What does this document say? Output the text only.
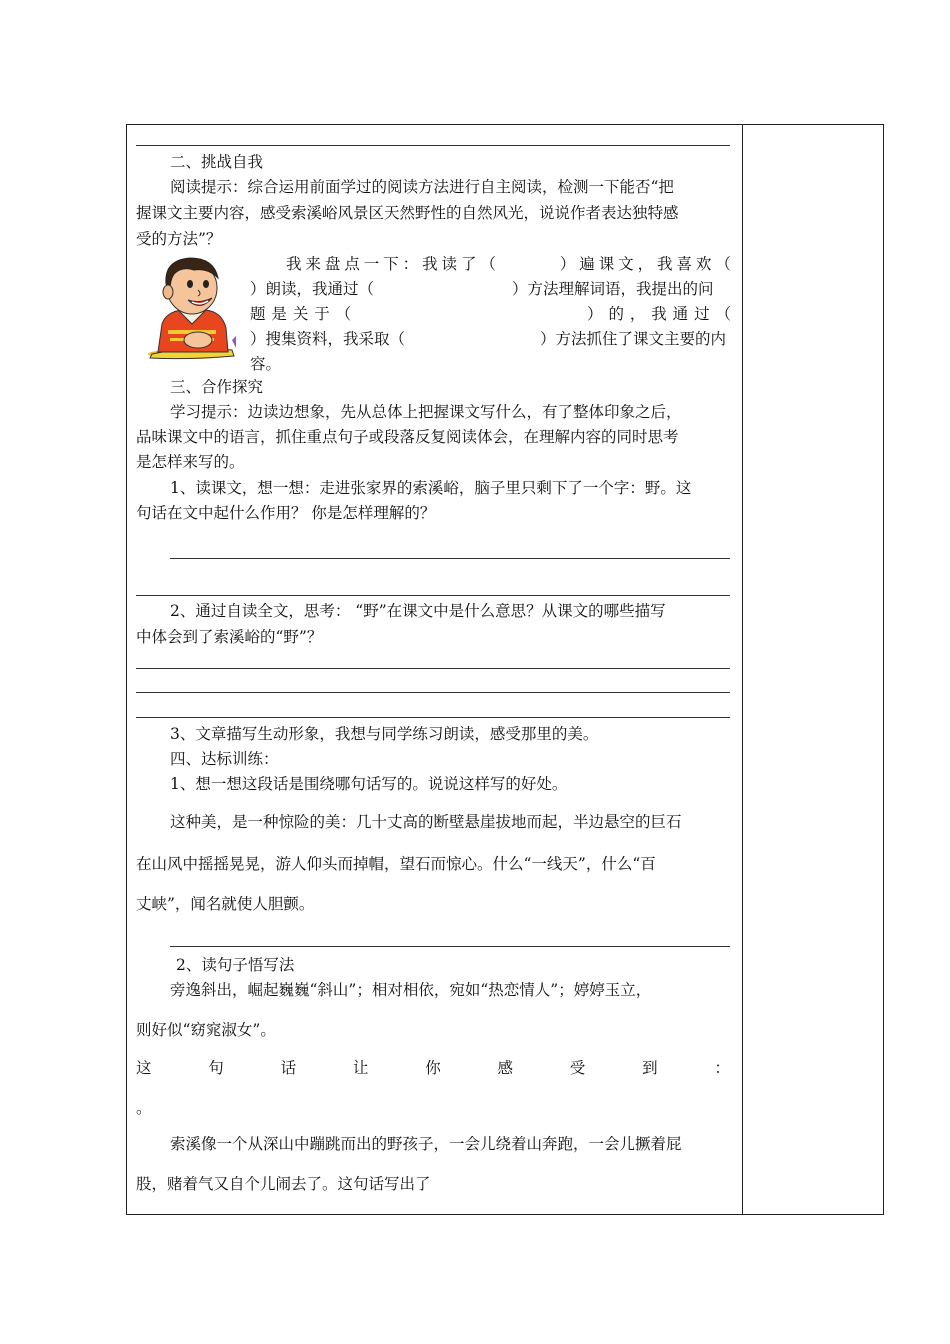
二、挑战自我
阅读提示：综合运用前面学过的阅读方法进行自主阅读，检测一下能否“把
握课文主要内容，感受索溪峪风景区天然野性的自然风光，说说作者表达独特感
受的方法”？
我 来 盘 点 一 下 ： 我 读 了 （	） 遍 课 文 ， 我 喜 欢 （
）朗读，我通过（	）方法理解词语，我提出的问
题 是 关 于 （	） 的 ， 我 通 过 （
）搜集资料，我采取（	）方法抓住了课文主要的内
容。
三、合作探究
学习提示：边读边想象，先从总体上把握课文写什么，有了整体印象之后，
品味课文中的语言，抓住重点句子或段落反复阅读体会，在理解内容的同时思考
是怎样来写的。
1、读课文，想一想：走进张家界的索溪峪，脑子里只剩下了一个字：野。这
句话在文中起什么作用？ 你是怎样理解的？
2、通过自读全文，思考： “野”在课文中是什么意思？从课文的哪些描写
中体会到了索溪峪的“野”？
3、文章描写生动形象，我想与同学练习朗读，感受那里的美。
四、达标训练：
1、想一想这段话是围绕哪句话写的。说说这样写的好处。
这种美，是一种惊险的美：几十丈高的断壁悬崖拔地而起，半边悬空的巨石
在山风中摇摇晃晃，游人仰头而掉帽，望石而惊心。什么“一线天”，什么“百
丈峡”，闻名就使人胆颤。
2、读句子悟写法
旁逸斜出，崛起巍巍“斜山”；相对相依，宛如“热恋情人”；婷婷玉立，
则好似“窈窕淑女”。
这	句	话	让	你	感	受	到	：
。
索溪像一个从深山中蹦跳而出的野孩子，一会儿绕着山奔跑，一会儿撅着屁
股，赌着气又自个儿闹去了。这句话写出了
